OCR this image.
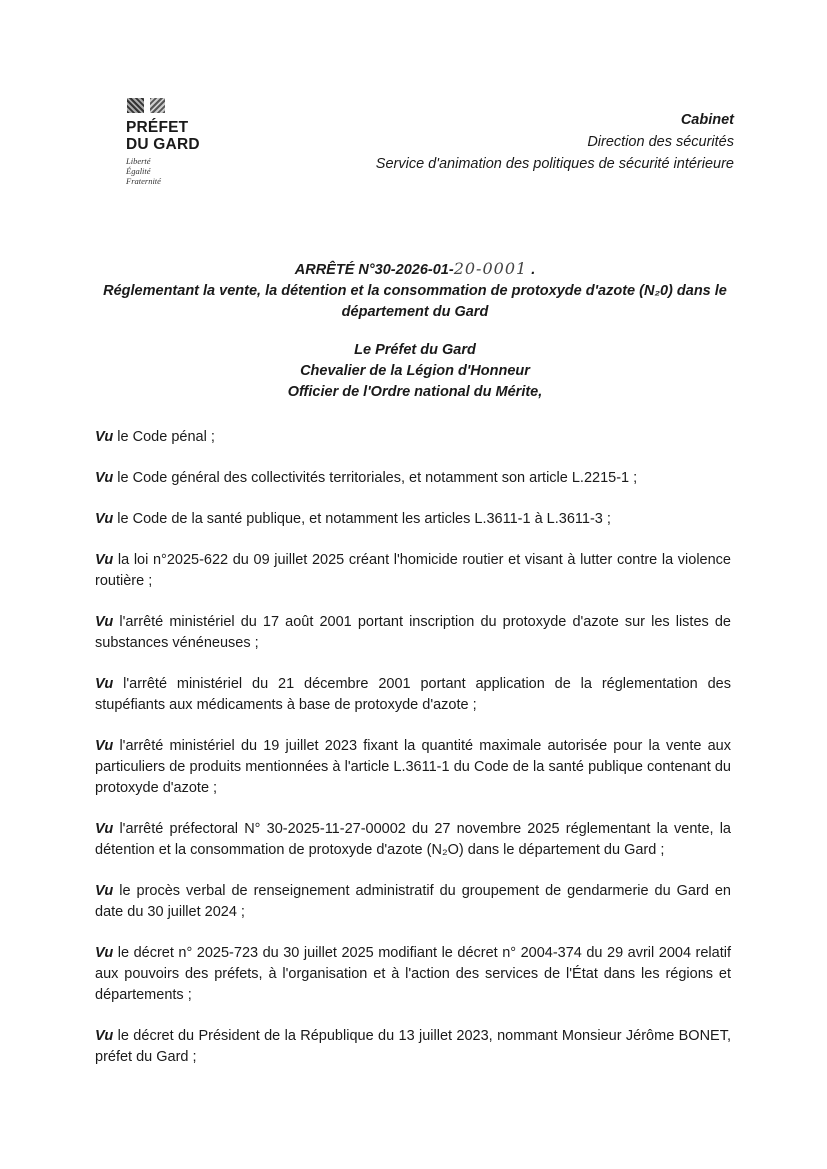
PRÉFET
DU GARD
Liberté
Égalité
Fraternité
Cabinet
Direction des sécurités
Service d'animation des politiques de sécurité intérieure
ARRÊTÉ N°30-2026-01-20-0001 .
Réglementant la vente, la détention et la consommation de protoxyde d'azote (N₂0) dans le département du Gard
Le Préfet du Gard
Chevalier de la Légion d'Honneur
Officier de l'Ordre national du Mérite,

Vu le Code pénal ;

Vu le Code général des collectivités territoriales, et notamment son article L.2215-1 ;

Vu le Code de la santé publique, et notamment les articles L.3611-1 à L.3611-3 ;

Vu la loi n°2025-622 du 09 juillet 2025 créant l'homicide routier et visant à lutter contre la violence routière ;

Vu l'arrêté ministériel du 17 août 2001 portant inscription du protoxyde d'azote sur les listes de substances vénéneuses ;

Vu l'arrêté ministériel du 21 décembre 2001 portant application de la réglementation des stupéfiants aux médicaments à base de protoxyde d'azote ;

Vu l'arrêté ministériel du 19 juillet 2023 fixant la quantité maximale autorisée pour la vente aux particuliers de produits mentionnées à l'article L.3611-1 du Code de la santé publique contenant du protoxyde d'azote ;

Vu l'arrêté préfectoral N° 30-2025-11-27-00002 du 27 novembre 2025 réglementant la vente, la détention et la consommation de protoxyde d'azote (N₂O) dans le département du Gard ;

Vu le procès verbal de renseignement administratif du groupement de gendarmerie du Gard en date du 30 juillet 2024 ;

Vu le décret n° 2025-723 du 30 juillet 2025 modifiant le décret n° 2004-374 du 29 avril 2004 relatif aux pouvoirs des préfets, à l'organisation et à l'action des services de l'État dans les régions et départements ;

Vu le décret du Président de la République du 13 juillet 2023, nommant Monsieur Jérôme BONET, préfet du Gard ;
